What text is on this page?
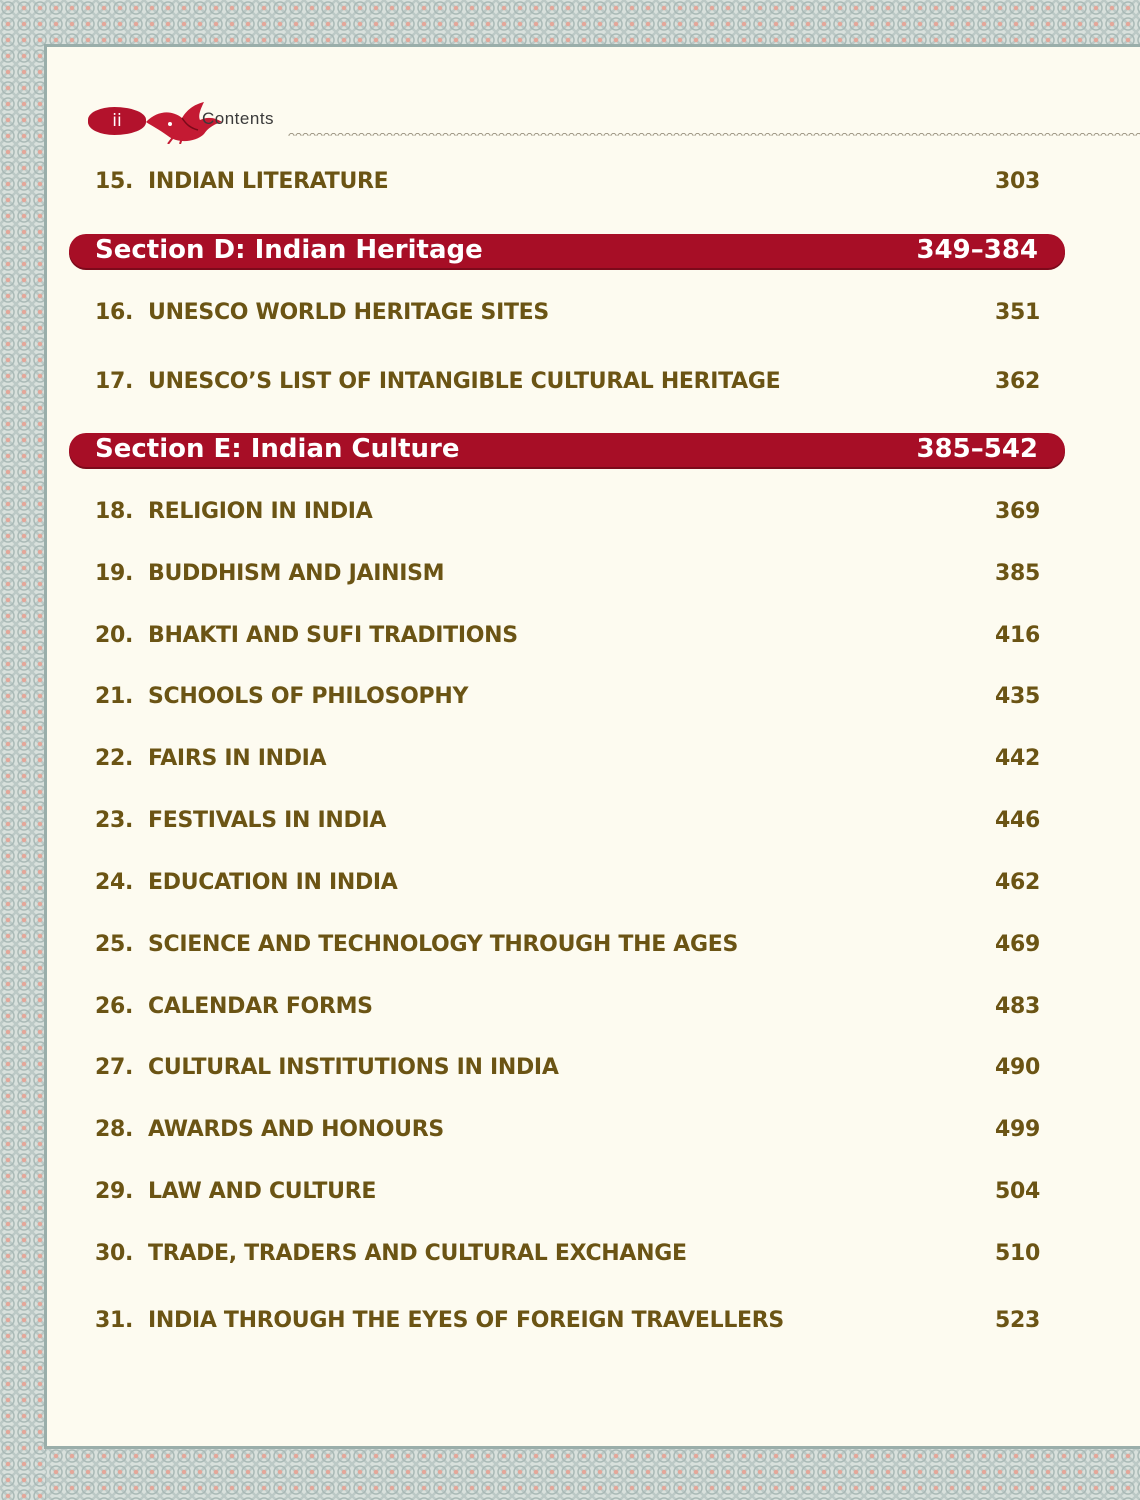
ii	Contents
15. INDIAN LITERATURE	303
Section D: Indian Heritage	349–384
16. UNESCO WORLD HERITAGE SITES	351
17. UNESCO’S LIST OF INTANGIBLE CULTURAL HERITAGE	362
Section E: Indian Culture	385–542
18. RELIGION IN INDIA	369
19. BUDDHISM AND JAINISM	385
20. BHAKTI AND SUFI TRADITIONS	416
21. SCHOOLS OF PHILOSOPHY	435
22. FAIRS IN INDIA	442
23. FESTIVALS IN INDIA	446
24. EDUCATION IN INDIA	462
25. SCIENCE AND TECHNOLOGY THROUGH THE AGES	469
26. CALENDAR FORMS	483
27. CULTURAL INSTITUTIONS IN INDIA	490
28. AWARDS AND HONOURS	499
29. LAW AND CULTURE	504
30. TRADE, TRADERS AND CULTURAL EXCHANGE	510
31. INDIA THROUGH THE EYES OF FOREIGN TRAVELLERS	523
